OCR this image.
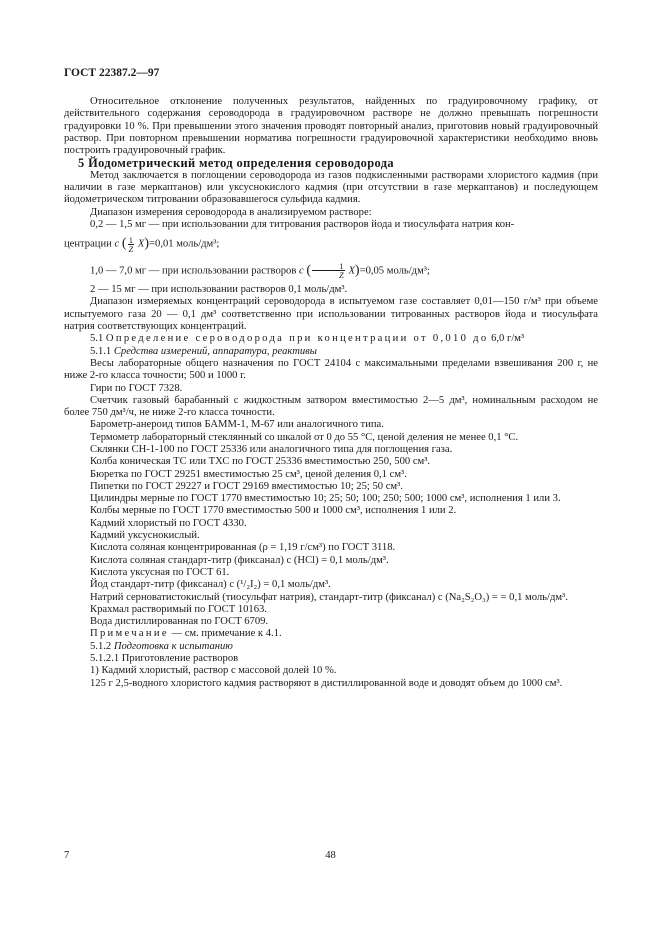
ГОСТ 22387.2—97

Относительное отклонение полученных результатов, найденных по градуировочному графику, от действительного содержания сероводорода в градуировочном растворе не должно превышать погрешности градуировки 10 %. При превышении этого значения проводят повторный анализ, приготовив новый градуировочный раствор. При повторном превышении норматива погрешности градуировочной характеристики необходимо вновь построить градуировочный график.

5 Йодометрический метод определения сероводорода

Метод заключается в поглощении сероводорода из газов подкисленными растворами хлористого кадмия (при наличии в газе меркаптанов) или уксуснокислого кадмия (при отсутствии в газе меркаптанов) и последующем йодометрическом титровании образовавшегося сульфида кадмия.

Диапазон измерения сероводорода в анализируемом растворе:

0,2 — 1,5 мг — при использовании для титрования растворов йода и тиосульфата натрия кон-

центрации с ( $\frac{1}{Z} X)=0,01$ моль/дм³;

1,0 — 7,0 мг — при использовании растворов с ( $\frac{1}{Z} X)=0,05$ моль/дм³;

2 — 15 мг — при использовании растворов 0,1 моль/дм³.

Диапазон измеряемых концентраций сероводорода в испытуемом газе составляет 0,01—150 г/м³ при объеме испытуемого газа 20 — 0,1 дм³ соответственно при использовании титрованных растворов йода и тиосульфата натрия соответствующих концентраций.

5.1 Определение сероводорода при концентрации от 0,010 до 6,0 г/м³

5.1.1 Средства измерений, аппаратура, реактивы

Весы лабораторные общего назначения по ГОСТ 24104 с максимальными пределами взвешивания 200 г, не ниже 2-го класса точности; 500 и 1000 г.

Гири по ГОСТ 7328.

Счетчик газовый барабанный с жидкостным затвором вместимостью 2—5 дм³, номинальным расходом не более 750 дм³/ч, не ниже 2-го класса точности.

Барометр-анероид типов БАММ-1, М-67 или аналогичного типа.

Термометр лабораторный стеклянный со шкалой от 0 до 55 °С, ценой деления не менее 0,1 °С.

Склянки СН-1-100 по ГОСТ 25336 или аналогичного типа для поглощения газа.

Колба коническая ТС или ТХС по ГОСТ 25336 вместимостью 250, 500 см³.

Бюретка по ГОСТ 29251 вместимостью 25 см³, ценой деления 0,1 см³.

Пипетки по ГОСТ 29227 и ГОСТ 29169 вместимостью 10; 25; 50 см³.

Цилиндры мерные по ГОСТ 1770 вместимостью 10; 25; 50; 100; 250; 500; 1000 см³, исполнения 1 или 3.

Колбы мерные по ГОСТ 1770 вместимостью 500 и 1000 см³, исполнения 1 или 2.

Кадмий хлористый по ГОСТ 4330.

Кадмий уксуснокислый.

Кислота соляная концентрированная (ρ = 1,19 г/см³) по ГОСТ 3118.

Кислота соляная стандарт-титр (фиксанал) с (HCl) = 0,1 моль/дм³.

Кислота уксусная по ГОСТ 61.

Йод стандарт-титр (фиксанал) с (¹/₂I₂) = 0,1 моль/дм³.

Натрий серноватистокислый (тиосульфат натрия), стандарт-титр (фиксанал) с (Na₂S₂O₃) = = 0,1 моль/дм³.

Крахмал растворимый по ГОСТ 10163.

Вода дистиллированная по ГОСТ 6709.

Примечание — см. примечание к 4.1.

5.1.2 Подготовка к испытанию

5.1.2.1 Приготовление растворов

1) Кадмий хлористый, раствор с массовой долей 10 %.

125 г 2,5-водного хлористого кадмия растворяют в дистиллированной воде и доводят объем до 1000 см³.

7	48
